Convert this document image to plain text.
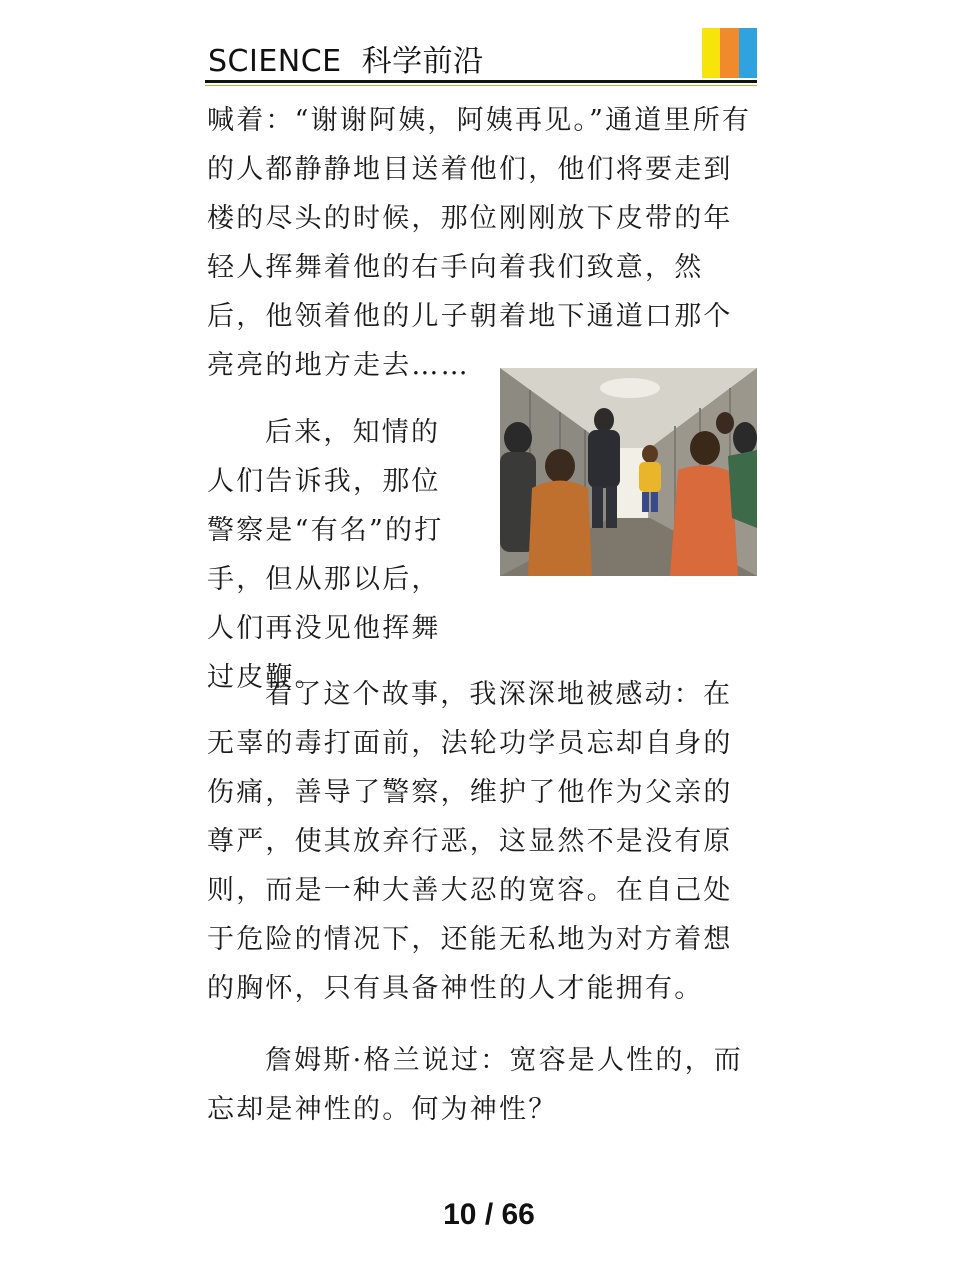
SCIENCE 科学前沿

喊着：“谢谢阿姨，阿姨再见。”通道里所有的人都静静地目送着他们，他们将要走到楼的尽头的时候，那位刚刚放下皮带的年轻人挥舞着他的右手向着我们致意，然后，他领着他的儿子朝着地下通道口那个亮亮的地方走去……

后来，知情的人们告诉我，那位警察是“有名”的打手，但从那以后，人们再没见他挥舞过皮鞭。

看了这个故事，我深深地被感动：在无辜的毒打面前，法轮功学员忘却自身的伤痛，善导了警察，维护了他作为父亲的尊严，使其放弃行恶，这显然不是没有原则，而是一种大善大忍的宽容。在自己处于危险的情况下，还能无私地为对方着想的胸怀，只有具备神性的人才能拥有。

詹姆斯·格兰说过：宽容是人性的，而忘却是神性的。何为神性？

10 / 66
